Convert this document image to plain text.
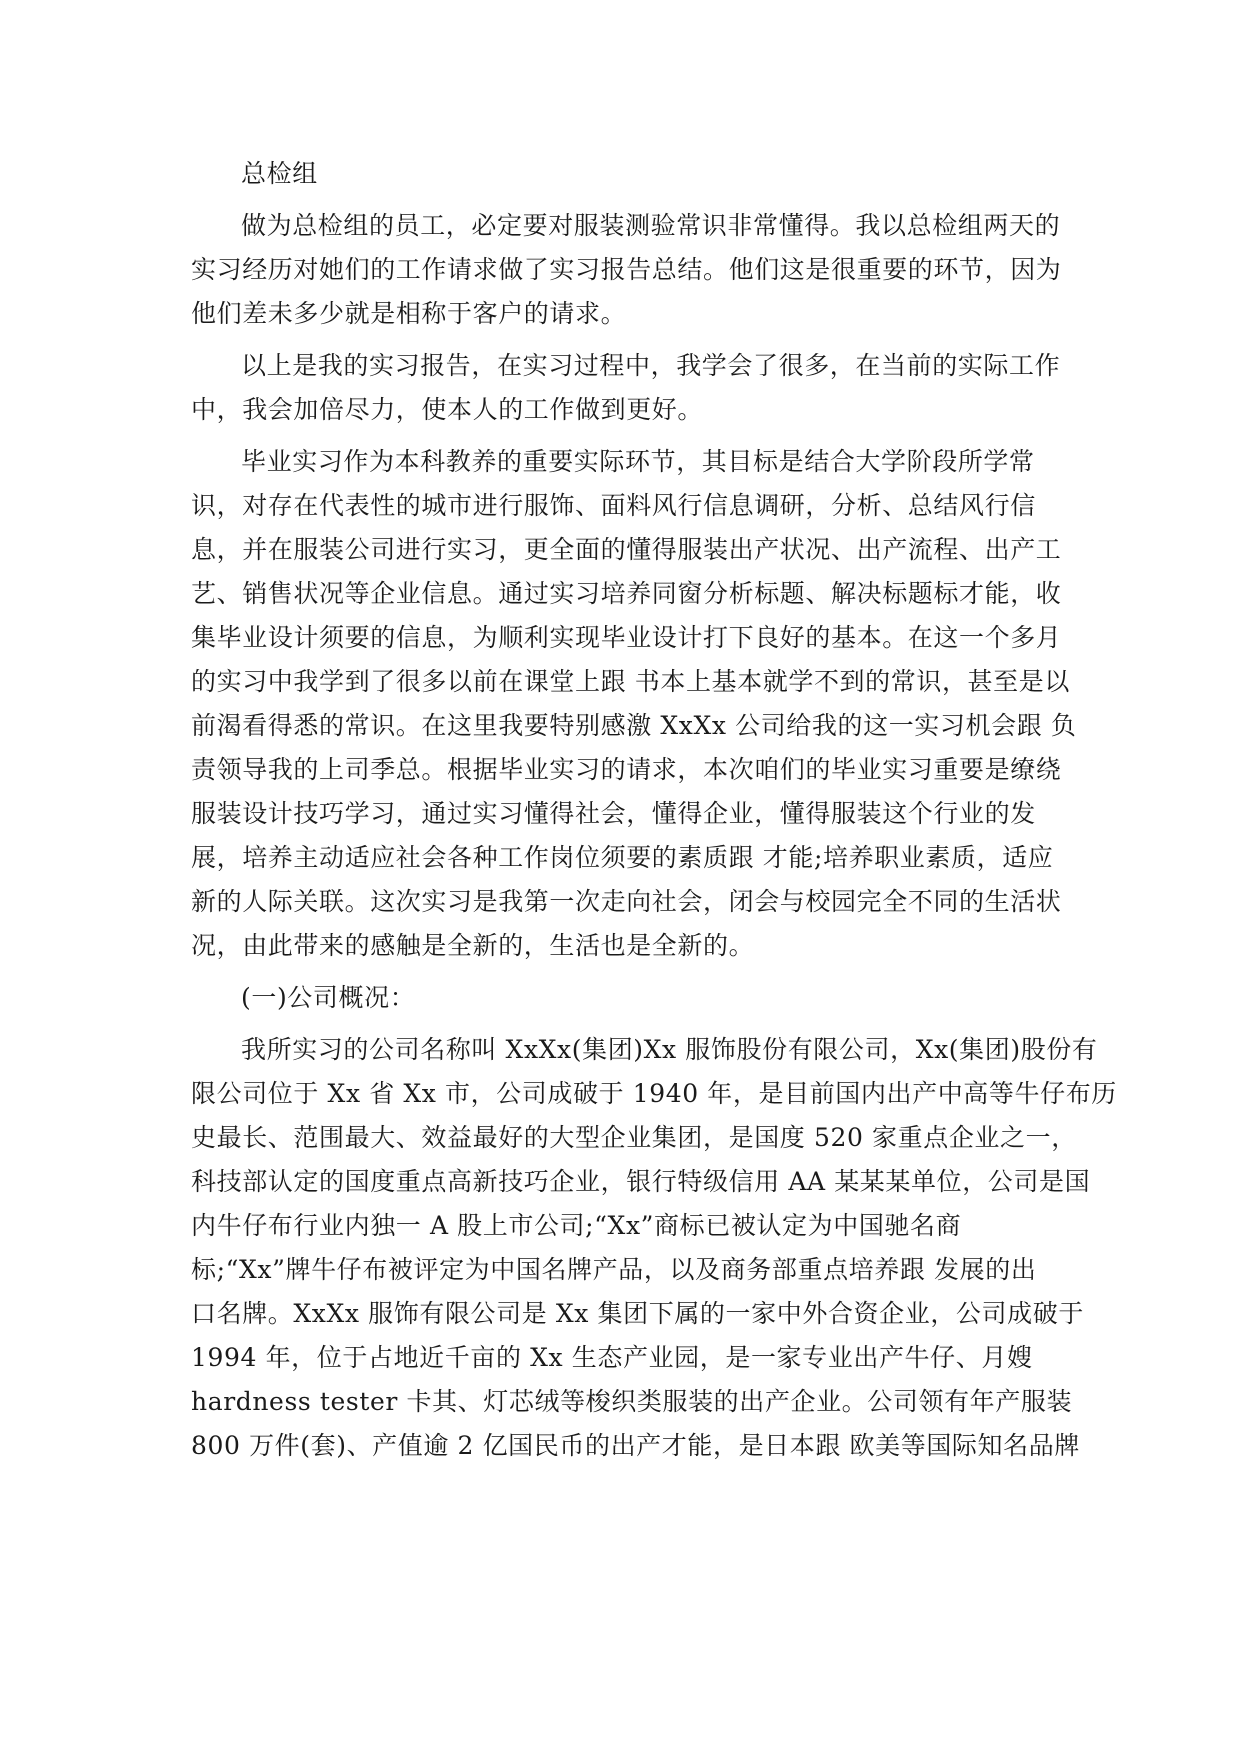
总检组
做为总检组的员工，必定要对服装测验常识非常懂得。我以总检组两天的
实习经历对她们的工作请求做了实习报告总结。他们这是很重要的环节，因为
他们差未多少就是相称于客户的请求。
以上是我的实习报告，在实习过程中，我学会了很多，在当前的实际工作
中，我会加倍尽力，使本人的工作做到更好。
毕业实习作为本科教养的重要实际环节，其目标是结合大学阶段所学常
识，对存在代表性的城市进行服饰、面料风行信息调研，分析、总结风行信
息，并在服装公司进行实习，更全面的懂得服装出产状况、出产流程、出产工
艺、销售状况等企业信息。通过实习培养同窗分析标题、解决标题标才能，收
集毕业设计须要的信息，为顺利实现毕业设计打下良好的基本。在这一个多月
的实习中我学到了很多以前在课堂上跟 书本上基本就学不到的常识，甚至是以
前渴看得悉的常识。在这里我要特别感激 XxXx 公司给我的这一实习机会跟 负
责领导我的上司季总。根据毕业实习的请求，本次咱们的毕业实习重要是缭绕
服装设计技巧学习，通过实习懂得社会，懂得企业，懂得服装这个行业的发
展，培养主动适应社会各种工作岗位须要的素质跟 才能;培养职业素质，适应
新的人际关联。这次实习是我第一次走向社会，闭会与校园完全不同的生活状
况，由此带来的感触是全新的，生活也是全新的。
(一)公司概况：
我所实习的公司名称叫 XxXx(集团)Xx 服饰股份有限公司，Xx(集团)股份有
限公司位于 Xx 省 Xx 市，公司成破于 1940 年，是目前国内出产中高等牛仔布历
史最长、范围最大、效益最好的大型企业集团，是国度 520 家重点企业之一，
科技部认定的国度重点高新技巧企业，银行特级信用 AA 某某某单位，公司是国
内牛仔布行业内独一 A 股上市公司;“Xx”商标已被认定为中国驰名商
标;“Xx”牌牛仔布被评定为中国名牌产品，以及商务部重点培养跟 发展的出
口名牌。XxXx 服饰有限公司是 Xx 集团下属的一家中外合资企业，公司成破于
1994 年，位于占地近千亩的 Xx 生态产业园，是一家专业出产牛仔、月嫂
hardness tester 卡其、灯芯绒等梭织类服装的出产企业。公司领有年产服装
800 万件(套)、产值逾 2 亿国民币的出产才能，是日本跟 欧美等国际知名品牌
